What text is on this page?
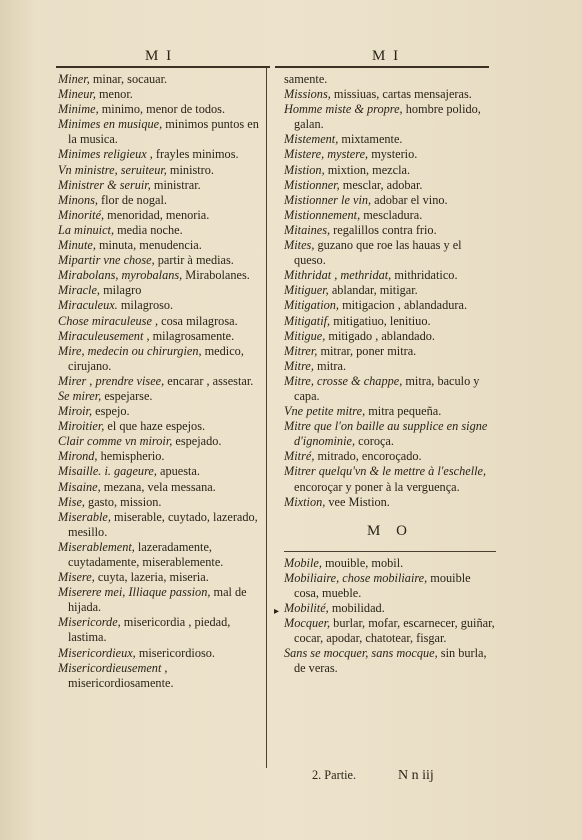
M I	M I

Miner, minar, socauar.

Mineur, menor.

Minime, minimo, menor de todos.

Minimes en musique, minimos puntos en la musica.

Minimes religieux , frayles minimos.

Vn ministre, seruiteur, ministro.

Ministrer & seruir, ministrar.

Minons, flor de nogal.

Minorité, menoridad, menoria.

La minuict, media noche.

Minute, minuta, menudencia.

Mipartir vne chose, partir à medias.

Mirabolans, myrobalans, Mirabolanes.

Miracle, milagro

Miraculeux. milagroso.

Chose miraculeuse , cosa milagrosa.

Miraculeusement , milagrosamente.

Mire, medecin ou chirurgien, medico, cirujano.

Mirer , prendre visee, encarar , assestar.

Se mirer, espejarse.

Miroir, espejo.

Miroitier, el que haze espejos.

Clair comme vn miroir, espejado.

Mirond, hemispherio.

Misaille. i. gageure, apuesta.

Misaine, mezana, vela messana.

Mise, gasto, mission.

Miserable, miserable, cuytado, lazerado, mesillo.

Miserablement, lazeradamente, cuytadamente, miserablemente.

Misere, cuyta, lazeria, miseria.

Miserere mei, Illiaque passion, mal de hijada.

Misericorde, misericordia , piedad, lastima.

Misericordieux, misericordioso.

Misericordieusement , misericordiosamente.

samente.

Missions, missiuas, cartas mensajeras.

Homme miste & propre, hombre polido, galan.

Mistement, mixtamente.

Mistere, mystere, mysterio.

Mistion, mixtion, mezcla.

Mistionner, mesclar, adobar.

Mistionner le vin, adobar el vino.

Mistionnement, mescladura.

Mitaines, regalillos contra frio.

Mites, guzano que roe las hauas y el queso.

Mithridat , methridat, mithridatico.

Mitiguer, ablandar, mitigar.

Mitigation, mitigacion , ablandadura.

Mitigatif, mitigatiuo, lenitiuo.

Mitigue, mitigado , ablandado.

Mitrer, mitrar, poner mitra.

Mitre, mitra.

Mitre, crosse & chappe, mitra, baculo y capa.

Vne petite mitre, mitra pequeña.

Mitre que l'on baille au supplice en signe d'ignominie, coroça.

Mitré, mitrado, encoroçado.

Mitrer quelqu'vn & le mettre à l'eschelle, encoroçar y poner à la verguença.

Mixtion, vee Mistion.

M O

Mobile, mouible, mobil.

Mobiliaire, chose mobiliaire, mouible cosa, mueble.

Mobilité, mobilidad.

Mocquer, burlar, mofar, escarnecer, guiñar, cocar, apodar, chatotear, fisgar.

Sans se mocquer, sans mocque, sin burla, de veras.

▸
2. Partie.	N n iij
